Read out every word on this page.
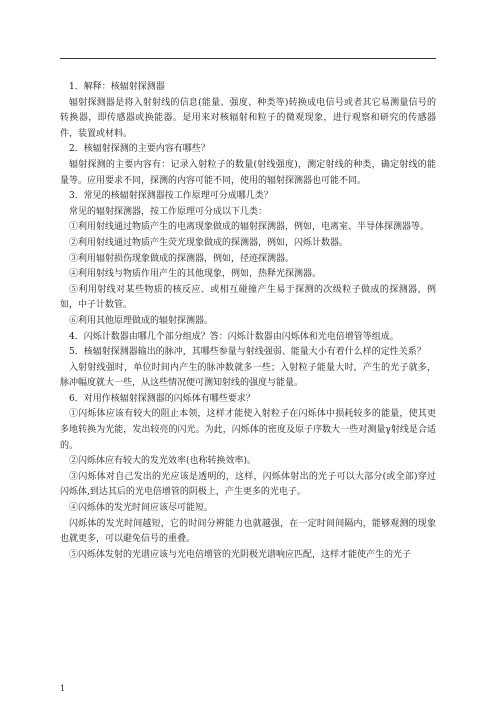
1．解释：核辐射探测器

辐射探测器是将入射射线的信息(能量、强度、种类等)转换成电信号或者其它易测量信号的转换器，即传感器或换能器。是用来对核辐射和粒子的微观现象，进行观察和研究的传感器件，装置或材料。

2．核辐射探测的主要内容有哪些？

辐射探测的主要内容有：记录入射粒子的数量(射线强度)，测定射线的种类，确定射线的能量等。应用要求不同，探测的内容可能不同，使用的辐射探测器也可能不同。

3．常见的核辐射探测器按工作原理可分成哪几类？

常见的辐射探测器，按工作原理可分成以下几类：

①利用射线通过物质产生的电离现象做成的辐射探测器，例如，电离室、半导体探测器等。

②利用射线通过物质产生荧光现象做成的探测器，例如，闪烁计数器。

③利用辐射损伤现象做成的探测器，例如，径迹探测器。

④利用射线与物质作用产生的其他现象，例如，热释光探测器。

⑤利用射线对某些物质的核反应、或相互碰撞产生易于探测的次级粒子做成的探测器，例如，中子计数管。

⑥利用其他原理做成的辐射探测器。

4．闪烁计数器由哪几个部分组成？答：闪烁计数器由闪烁体和光电倍增管等组成。

5．核辐射探测器输出的脉冲，其哪些参量与射线强弱、能量大小有着什么样的定性关系？

入射射线强时，单位时间内产生的脉冲数就多一些；入射粒子能量大时，产生的光子就多，脉冲幅度就大一些，从这些情况便可测知射线的强度与能量。

6．对用作核辐射探测器的闪烁体有哪些要求？

①闪烁体应该有较大的阻止本领，这样才能使入射粒子在闪烁体中损耗较多的能量，使其更多地转换为光能，发出较亮的闪光。为此，闪烁体的密度及原子序数大一些对测量γ射线是合适的。

②闪烁体应有较大的发光效率(也称转换效率)。

③闪烁体对自己发出的光应该是透明的，这样，闪烁体射出的光子可以大部分(或全部)穿过闪烁体,到达其后的光电倍增管的阴极上，产生更多的光电子。

④闪烁体的发光时间应该尽可能短。

闪烁体的发光时间越短，它的时间分辨能力也就越强，在一定时间间隔内，能够观测的现象也就更多，可以避免信号的重叠。

⑤闪烁体发射的光谱应该与光电倍增管的光阴极光谱响应匹配，这样才能使产生的光子

1
